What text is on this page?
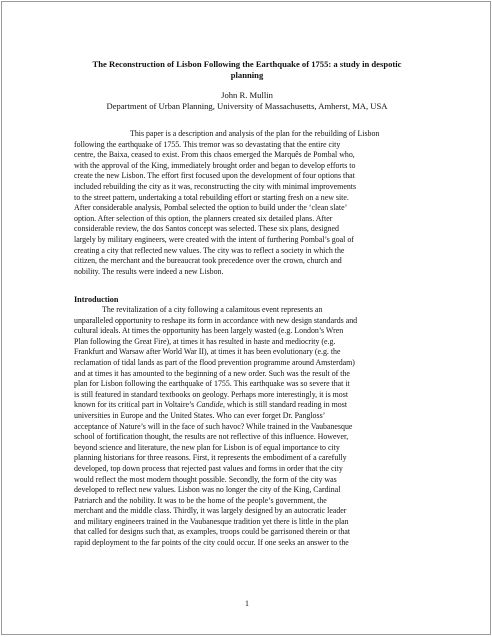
The Reconstruction of Lisbon Following the Earthquake of 1755: a study in despotic
planning
John R. Mullin
Department of Urban Planning, University of Massachusetts, Amherst, MA, USA
This paper is a description and analysis of the plan for the rebuilding of Lisbon
following the earthquake of 1755. This tremor was so devastating that the entire city
centre, the Baixa, ceased to exist. From this chaos emerged the Marquês de Pombal who,
with the approval of the King, immediately brought order and began to develop efforts to
create the new Lisbon. The effort first focused upon the development of four options that
included rebuilding the city as it was, reconstructing the city with minimal improvements
to the street pattern, undertaking a total rebuilding effort or starting fresh on a new site.
After considerable analysis, Pombal selected the option to build under the ‘clean slate’
option. After selection of this option, the planners created six detailed plans. After
considerable review, the dos Santos concept was selected. These six plans, designed
largely by military engineers, were created with the intent of furthering Pombal’s goal of
creating a city that reflected new values. The city was to reflect a society in which the
citizen, the merchant and the bureaucrat took precedence over the crown, church and
nobility. The results were indeed a new Lisbon.
Introduction
The revitalization of a city following a calamitous event represents an
unparalleled opportunity to reshape its form in accordance with new design standards and
cultural ideals. At times the opportunity has been largely wasted (e.g. London’s Wren
Plan following the Great Fire), at times it has resulted in haste and mediocrity (e.g.
Frankfurt and Warsaw after World War II), at times it has been evolutionary (e.g. the
reclamation of tidal lands as part of the flood prevention programme around Amsterdam)
and at times it has amounted to the beginning of a new order. Such was the result of the
plan for Lisbon following the earthquake of 1755. This earthquake was so severe that it
is still featured in standard textbooks on geology. Perhaps more interestingly, it is most
known for its critical part in Voltaire’s Candide, which is still standard reading in most
universities in Europe and the United States. Who can ever forget Dr. Pangloss’
acceptance of Nature’s will in the face of such havoc? While trained in the Vaubanesque
school of fortification thought, the results are not reflective of this influence. However,
beyond science and literature, the new plan for Lisbon is of equal importance to city
planning historians for three reasons. First, it represents the embodiment of a carefully
developed, top down process that rejected past values and forms in order that the city
would reflect the most modern thought possible. Secondly, the form of the city was
developed to reflect new values. Lisbon was no longer the city of the King, Cardinal
Patriarch and the nobility. It was to be the home of the people’s government, the
merchant and the middle class. Thirdly, it was largely designed by an autocratic leader
and military engineers trained in the Vaubanesque tradition yet there is little in the plan
that called for designs such that, as examples, troops could be garrisoned therein or that
rapid deployment to the far points of the city could occur. If one seeks an answer to the
1
